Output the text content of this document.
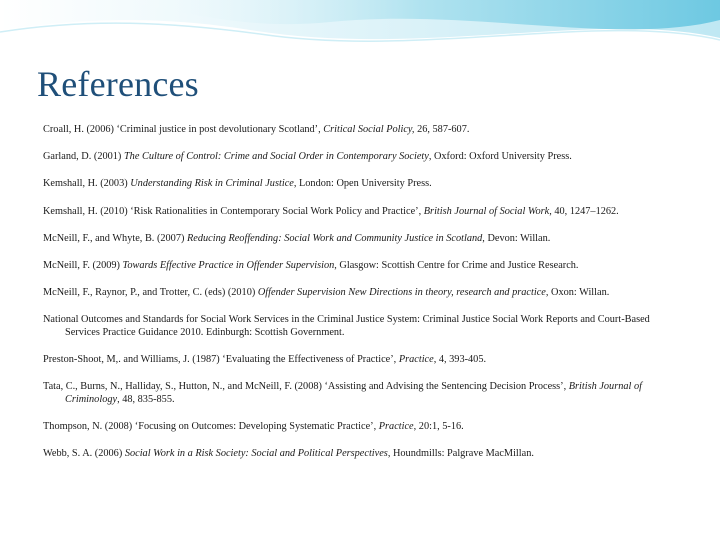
References

Croall, H. (2006) ‘Criminal justice in post devolutionary Scotland’, Critical Social Policy, 26, 587-607.

Garland, D. (2001) The Culture of Control: Crime and Social Order in Contemporary Society, Oxford: Oxford University Press.

Kemshall, H. (2003) Understanding Risk in Criminal Justice, London: Open University Press.

Kemshall, H. (2010) ‘Risk Rationalities in Contemporary Social Work Policy and Practice’, British Journal of Social Work, 40, 1247–1262.

McNeill, F., and Whyte, B. (2007) Reducing Reoffending: Social Work and Community Justice in Scotland, Devon: Willan.

McNeill, F. (2009) Towards Effective Practice in Offender Supervision, Glasgow: Scottish Centre for Crime and Justice Research.

McNeill, F., Raynor, P., and Trotter, C. (eds) (2010) Offender Supervision New Directions in theory, research and practice, Oxon: Willan.

National Outcomes and Standards for Social Work Services in the Criminal Justice System: Criminal Justice Social Work Reports and Court-Based Services Practice Guidance 2010. Edinburgh: Scottish Government.

Preston-Shoot, M,. and Williams, J. (1987) ‘Evaluating the Effectiveness of Practice’, Practice, 4, 393-405.

Tata, C., Burns, N., Halliday, S., Hutton, N., and McNeill, F. (2008) ‘Assisting and Advising the Sentencing Decision Process’, British Journal of Criminology, 48, 835-855.

Thompson, N. (2008) ‘Focusing on Outcomes: Developing Systematic Practice’, Practice, 20:1, 5-16.

Webb, S. A. (2006) Social Work in a Risk Society: Social and Political Perspectives, Houndmills: Palgrave MacMillan.
